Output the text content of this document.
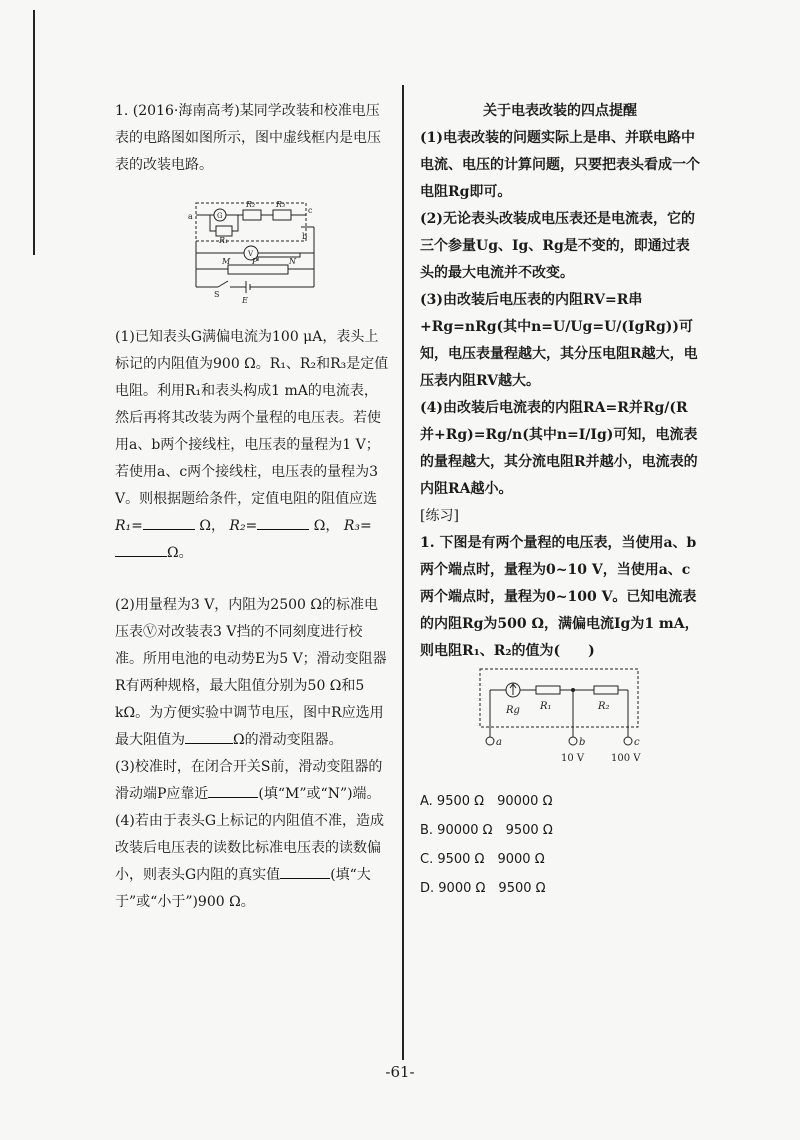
1. (2016·海南高考)某同学改装和校准电压表的电路图如图所示，图中虚线框内是电压表的改装电路。

a	G
R₁
R₂	R₃
c
b
V
M	P	N
S
E

(1)已知表头G满偏电流为100 μA，表头上标记的内阻值为900 Ω。R₁、R₂和R₃是定值电阻。利用R₁和表头构成1 mA的电流表，然后再将其改装为两个量程的电压表。若使用a、b两个接线柱，电压表的量程为1 V；若使用a、c两个接线柱，电压表的量程为3 V。则根据题给条件，定值电阻的阻值应选 R₁=	Ω， R₂=	Ω， R₃=
Ω。

(2)用量程为3 V，内阻为2500 Ω的标准电压表Ⓥ对改装表3 V挡的不同刻度进行校准。所用电池的电动势E为5 V；滑动变阻器R有两种规格，最大阻值分别为50 Ω和5 kΩ。为方便实验中调节电压，图中R应选用最大阻值为	Ω的滑动变阻器。

(3)校准时，在闭合开关S前，滑动变阻器的滑动端P应靠近	(填“M”或“N”)端。

(4)若由于表头G上标记的内阻值不准，造成改装后电压表的读数比标准电压表的读数偏小，则表头G内阻的真实值	(填“大于”或“小于”)900 Ω。

关于电表改装的四点提醒

(1)电表改装的问题实际上是串、并联电路中电流、电压的计算问题，只要把表头看成一个电阻Rg即可。

(2)无论表头改装成电压表还是电流表，它的三个参量Ug、Ig、Rg是不变的，即通过表头的最大电流并不改变。

(3)由改装后电压表的内阻RV=R串+Rg=nRg(其中n=U/Ug=U/(IgRg))可知，电压表量程越大，其分压电阻R越大，电压表内阻RV越大。

(4)由改装后电流表的内阻RA=R并Rg/(R并+Rg)=Rg/n(其中n=I/Ig)可知，电流表的量程越大，其分流电阻R并越小，电流表的内阻RA越小。

[练习]

1. 下图是有两个量程的电压表，当使用a、b两个端点时，量程为0~10 V，当使用a、c两个端点时，量程为0~100 V。已知电流表的内阻Rg为500 Ω，满偏电流Ig为1 mA，则电阻R₁、R₂的值为(　　)

Rg R₁	R₂
a	b	c
10 V	100 V

A. 9500 Ω　90000 Ω

B. 90000 Ω　9500 Ω

C. 9500 Ω　9000 Ω

D. 9000 Ω　9500 Ω

-61-
